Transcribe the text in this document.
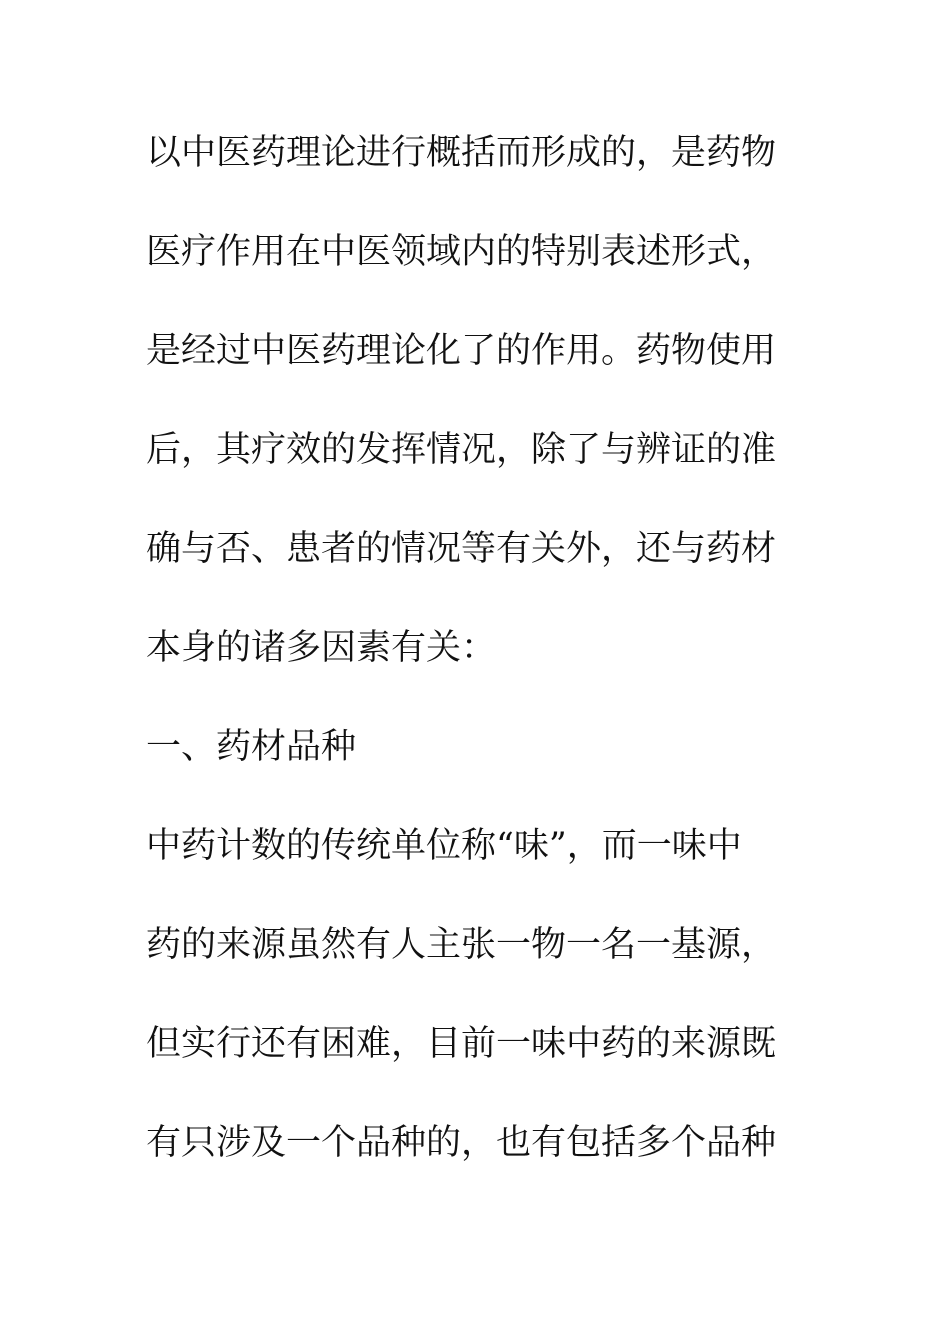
以中医药理论进行概括而形成的，是药物
医疗作用在中医领域内的特别表述形式，
是经过中医药理论化了的作用。药物使用
后，其疗效的发挥情况，除了与辨证的准
确与否、患者的情况等有关外，还与药材
本身的诸多因素有关：
一、药材品种
中药计数的传统单位称“味”，而一味中
药的来源虽然有人主张一物一名一基源，
但实行还有困难，目前一味中药的来源既
有只涉及一个品种的，也有包括多个品种
